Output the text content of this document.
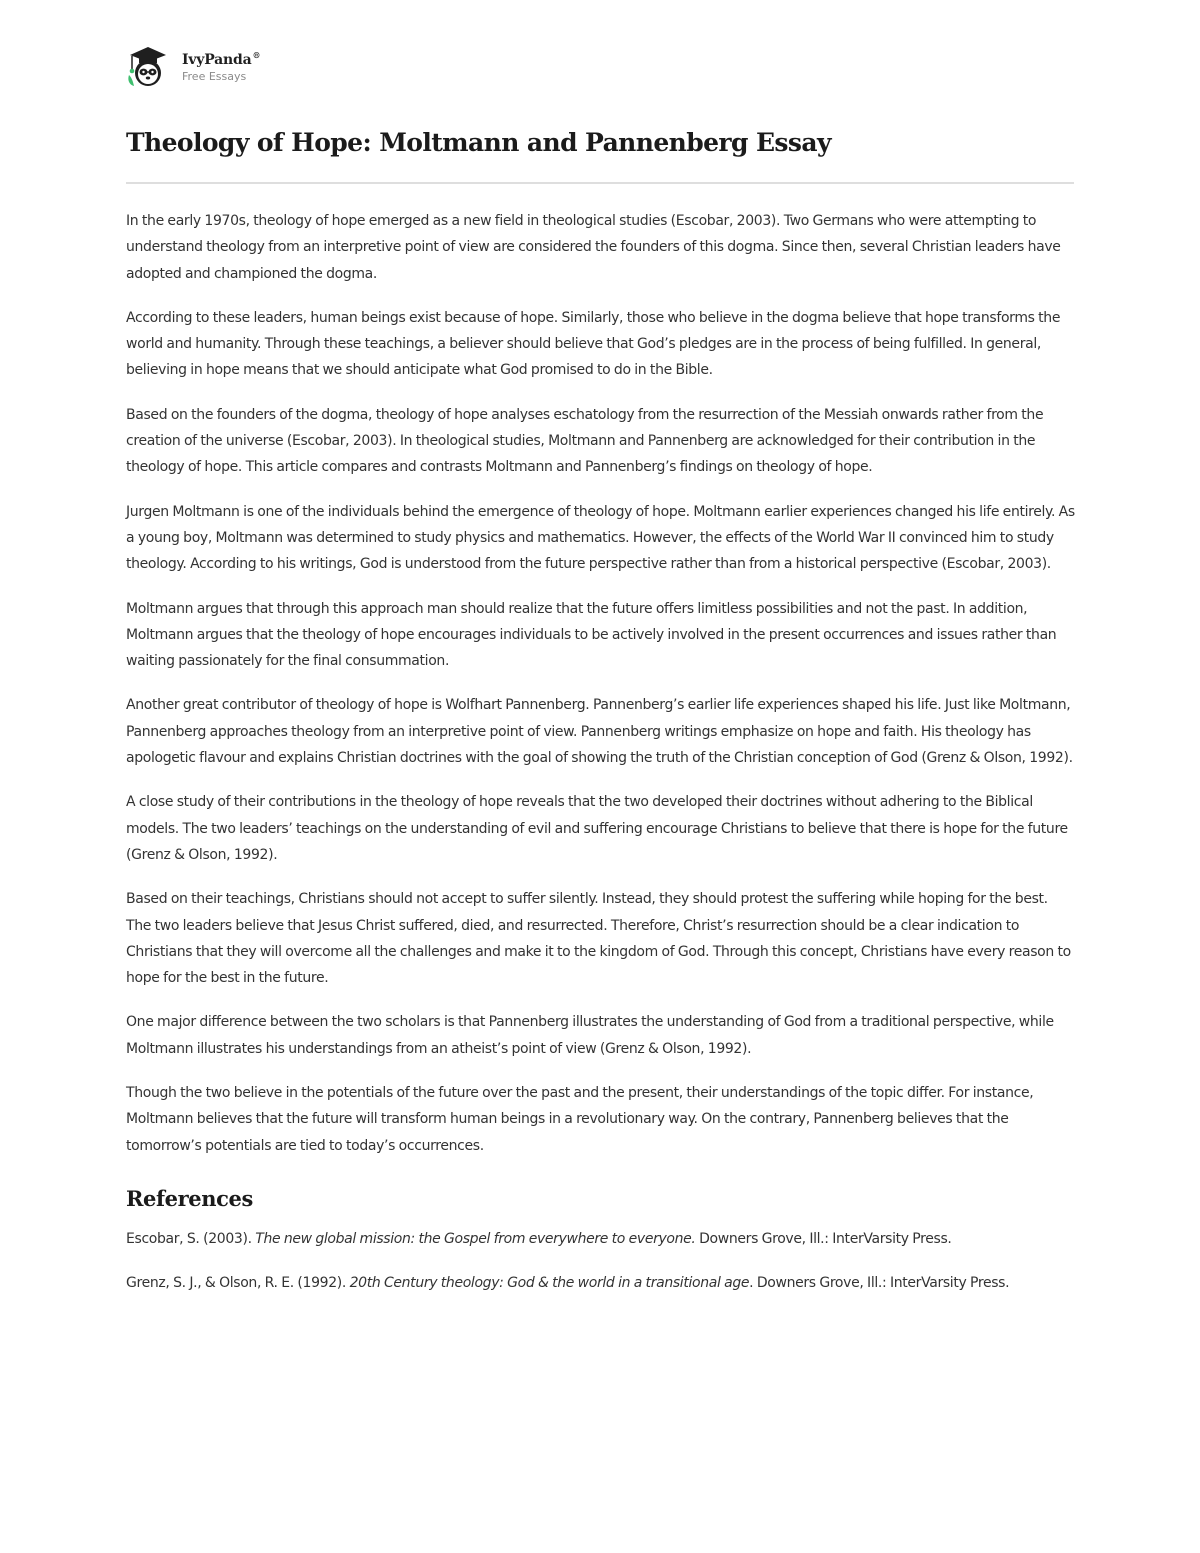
IvyPanda®
Free Essays
Theology of Hope: Moltmann and Pannenberg Essay

In the early 1970s, theology of hope emerged as a new field in theological studies (Escobar, 2003). Two Germans who were attempting to understand theology from an interpretive point of view are considered the founders of this dogma. Since then, several Christian leaders have adopted and championed the dogma.

According to these leaders, human beings exist because of hope. Similarly, those who believe in the dogma believe that hope transforms the world and humanity. Through these teachings, a believer should believe that God’s pledges are in the process of being fulfilled. In general, believing in hope means that we should anticipate what God promised to do in the Bible.

Based on the founders of the dogma, theology of hope analyses eschatology from the resurrection of the Messiah onwards rather from the creation of the universe (Escobar, 2003). In theological studies, Moltmann and Pannenberg are acknowledged for their contribution in the theology of hope. This article compares and contrasts Moltmann and Pannenberg’s findings on theology of hope.

Jurgen Moltmann is one of the individuals behind the emergence of theology of hope. Moltmann earlier experiences changed his life entirely. As a young boy, Moltmann was determined to study physics and mathematics. However, the effects of the World War II convinced him to study theology. According to his writings, God is understood from the future perspective rather than from a historical perspective (Escobar, 2003).

Moltmann argues that through this approach man should realize that the future offers limitless possibilities and not the past. In addition, Moltmann argues that the theology of hope encourages individuals to be actively involved in the present occurrences and issues rather than waiting passionately for the final consummation.

Another great contributor of theology of hope is Wolfhart Pannenberg. Pannenberg’s earlier life experiences shaped his life. Just like Moltmann, Pannenberg approaches theology from an interpretive point of view. Pannenberg writings emphasize on hope and faith. His theology has apologetic flavour and explains Christian doctrines with the goal of showing the truth of the Christian conception of God (Grenz & Olson, 1992).

A close study of their contributions in the theology of hope reveals that the two developed their doctrines without adhering to the Biblical models. The two leaders’ teachings on the understanding of evil and suffering encourage Christians to believe that there is hope for the future (Grenz & Olson, 1992).

Based on their teachings, Christians should not accept to suffer silently. Instead, they should protest the suffering while hoping for the best. The two leaders believe that Jesus Christ suffered, died, and resurrected. Therefore, Christ’s resurrection should be a clear indication to Christians that they will overcome all the challenges and make it to the kingdom of God. Through this concept, Christians have every reason to hope for the best in the future.

One major difference between the two scholars is that Pannenberg illustrates the understanding of God from a traditional perspective, while Moltmann illustrates his understandings from an atheist’s point of view (Grenz & Olson, 1992).

Though the two believe in the potentials of the future over the past and the present, their understandings of the topic differ. For instance, Moltmann believes that the future will transform human beings in a revolutionary way. On the contrary, Pannenberg believes that the tomorrow’s potentials are tied to today’s occurrences.

References

Escobar, S. (2003). The new global mission: the Gospel from everywhere to everyone. Downers Grove, Ill.: InterVarsity Press.

Grenz, S. J., & Olson, R. E. (1992). 20th Century theology: God & the world in a transitional age. Downers Grove, Ill.: InterVarsity Press.
